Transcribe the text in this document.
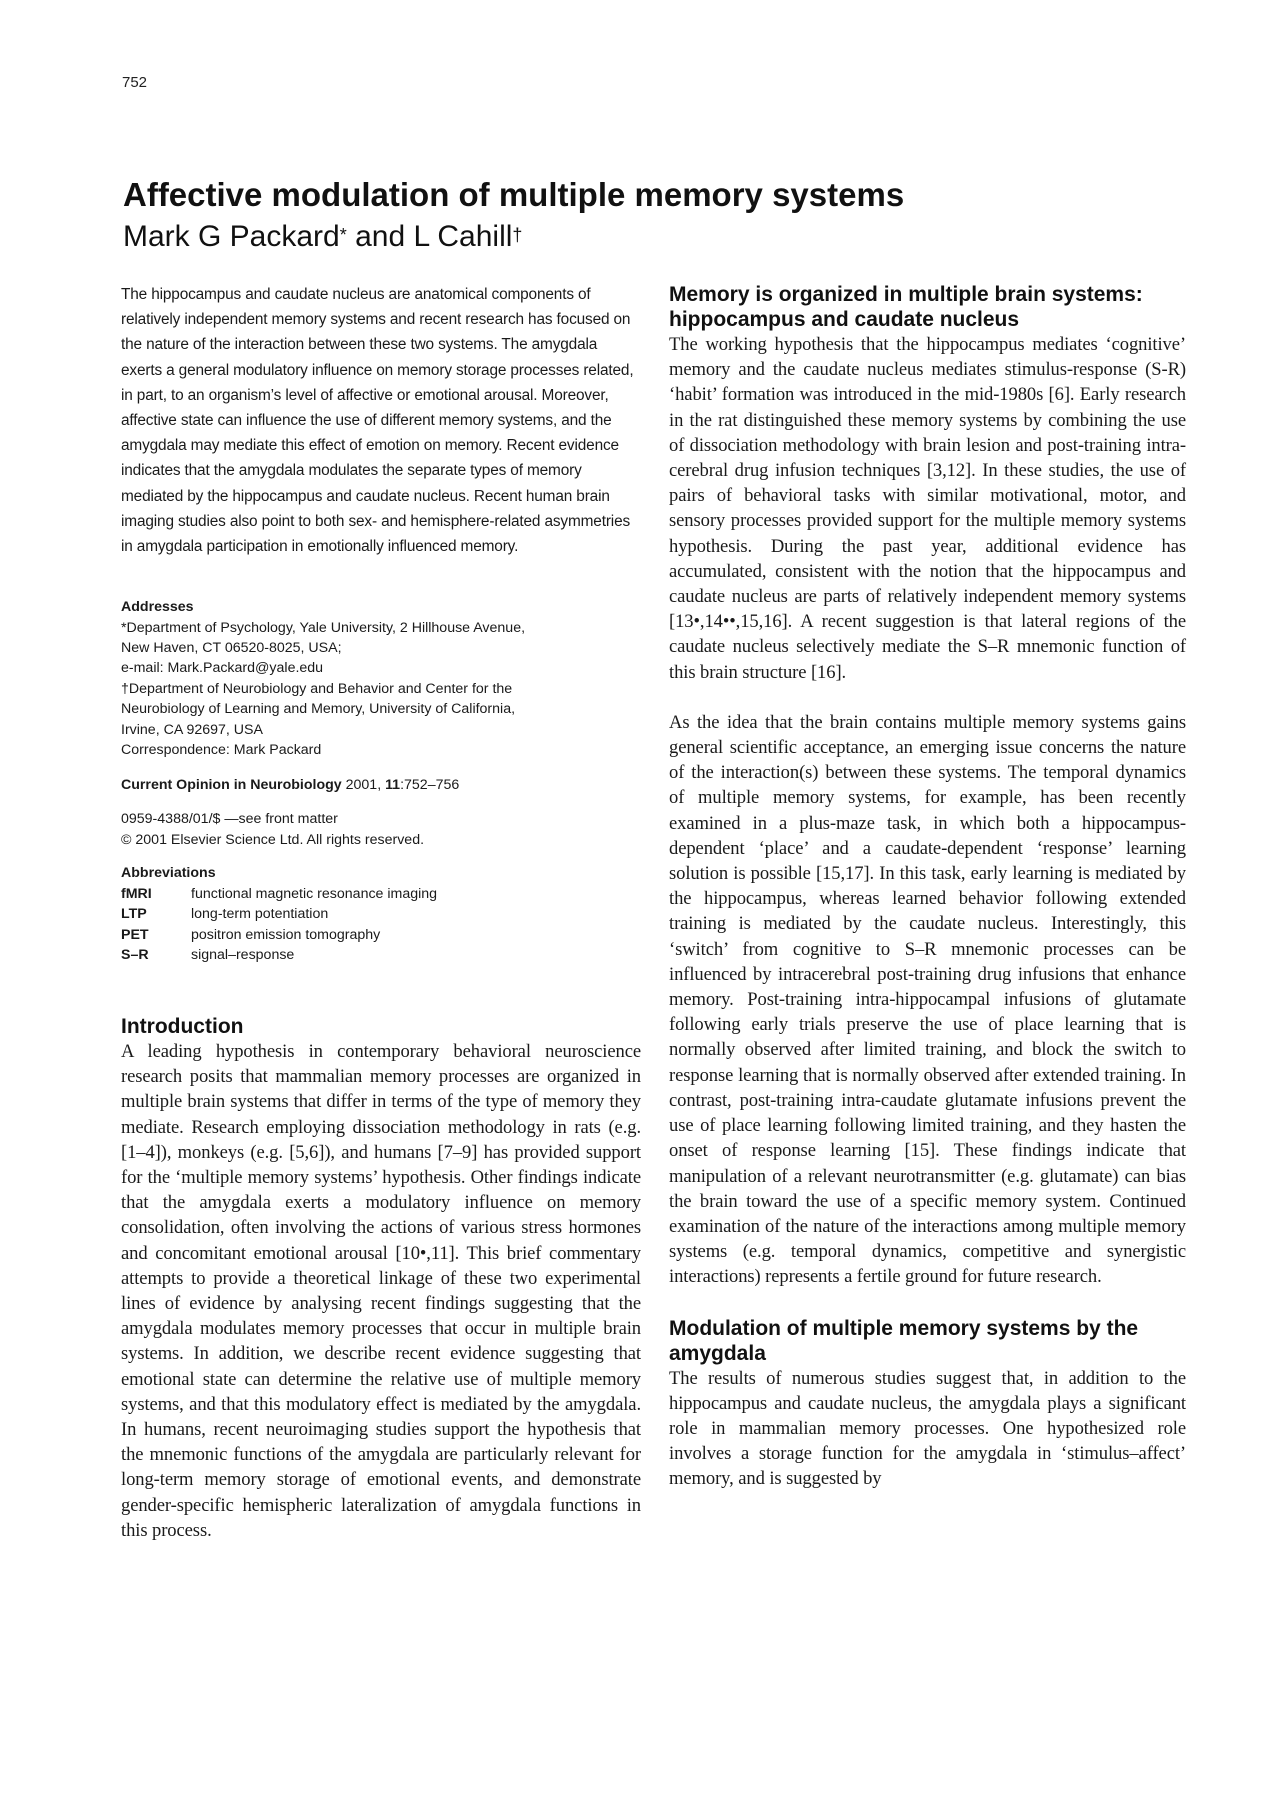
752
Affective modulation of multiple memory systems
Mark G Packard* and L Cahill†

The hippocampus and caudate nucleus are anatomical components of relatively independent memory systems and recent research has focused on the nature of the interaction between these two systems. The amygdala exerts a general modulatory influence on memory storage processes related, in part, to an organism’s level of affective or emotional arousal. Moreover, affective state can influence the use of different memory systems, and the amygdala may mediate this effect of emotion on memory. Recent evidence indicates that the amygdala modulates the separate types of memory mediated by the hippocampus and caudate nucleus. Recent human brain imaging studies also point to both sex- and hemisphere-related asymmetries in amygdala participation in emotionally influenced memory.

Addresses
*Department of Psychology, Yale University, 2 Hillhouse Avenue,
New Haven, CT 06520-8025, USA;
e-mail: Mark.Packard@yale.edu
†Department of Neurobiology and Behavior and Center for the
Neurobiology of Learning and Memory, University of California,
Irvine, CA 92697, USA
Correspondence: Mark Packard
Current Opinion in Neurobiology 2001, 11:752–756
0959-4388/01/$ —see front matter
© 2001 Elsevier Science Ltd. All rights reserved.
Abbreviations
fMRI	functional magnetic resonance imaging
LTP	long-term potentiation
PET	positron emission tomography
S–R	signal–response
Introduction

A leading hypothesis in contemporary behavioral neuroscience research posits that mammalian memory processes are organized in multiple brain systems that differ in terms of the type of memory they mediate. Research employing dissociation methodology in rats (e.g. [1–4]), monkeys (e.g. [5,6]), and humans [7–9] has provided support for the ‘multiple memory systems’ hypothesis. Other findings indicate that the amygdala exerts a modulatory influence on memory consolidation, often involving the actions of various stress hormones and concomitant emotional arousal [10•,11]. This brief commentary attempts to provide a theoretical linkage of these two experimental lines of evidence by analysing recent findings suggesting that the amygdala modulates memory processes that occur in multiple brain systems. In addition, we describe recent evidence suggesting that emotional state can determine the relative use of multiple memory systems, and that this modulatory effect is mediated by the amygdala. In humans, recent neuroimaging studies support the hypothesis that the mnemonic functions of the amygdala are particularly relevant for long-term memory storage of emotional events, and demonstrate gender-specific hemispheric lateralization of amygdala functions in this process.

Memory is organized in multiple brain systems: hippocampus and caudate nucleus

The working hypothesis that the hippocampus mediates ‘cognitive’ memory and the caudate nucleus mediates stimulus-response (S-R) ‘habit’ formation was introduced in the mid-1980s [6]. Early research in the rat distinguished these memory systems by combining the use of dissociation methodology with brain lesion and post-training intra-cerebral drug infusion techniques [3,12]. In these studies, the use of pairs of behavioral tasks with similar motivational, motor, and sensory processes provided support for the multiple memory systems hypothesis. During the past year, additional evidence has accumulated, consistent with the notion that the hippocampus and caudate nucleus are parts of relatively independent memory systems [13•,14••,15,16]. A recent suggestion is that lateral regions of the caudate nucleus selectively mediate the S–R mnemonic function of this brain structure [16].

As the idea that the brain contains multiple memory systems gains general scientific acceptance, an emerging issue concerns the nature of the interaction(s) between these systems. The temporal dynamics of multiple memory systems, for example, has been recently examined in a plus-maze task, in which both a hippocampus-dependent ‘place’ and a caudate-dependent ‘response’ learning solution is possible [15,17]. In this task, early learning is mediated by the hippocampus, whereas learned behavior following extended training is mediated by the caudate nucleus. Interestingly, this ‘switch’ from cognitive to S–R mnemonic processes can be influenced by intracerebral post-training drug infusions that enhance memory. Post-training intra-hippocampal infusions of glutamate following early trials preserve the use of place learning that is normally observed after limited training, and block the switch to response learning that is normally observed after extended training. In contrast, post-training intra-caudate glutamate infusions prevent the use of place learning following limited training, and they hasten the onset of response learning [15]. These findings indicate that manipulation of a relevant neurotransmitter (e.g. glutamate) can bias the brain toward the use of a specific memory system. Continued examination of the nature of the interactions among multiple memory systems (e.g. temporal dynamics, competitive and synergistic interactions) represents a fertile ground for future research.

Modulation of multiple memory systems by the amygdala

The results of numerous studies suggest that, in addition to the hippocampus and caudate nucleus, the amygdala plays a significant role in mammalian memory processes. One hypothesized role involves a storage function for the amygdala in ‘stimulus–affect’ memory, and is suggested by
